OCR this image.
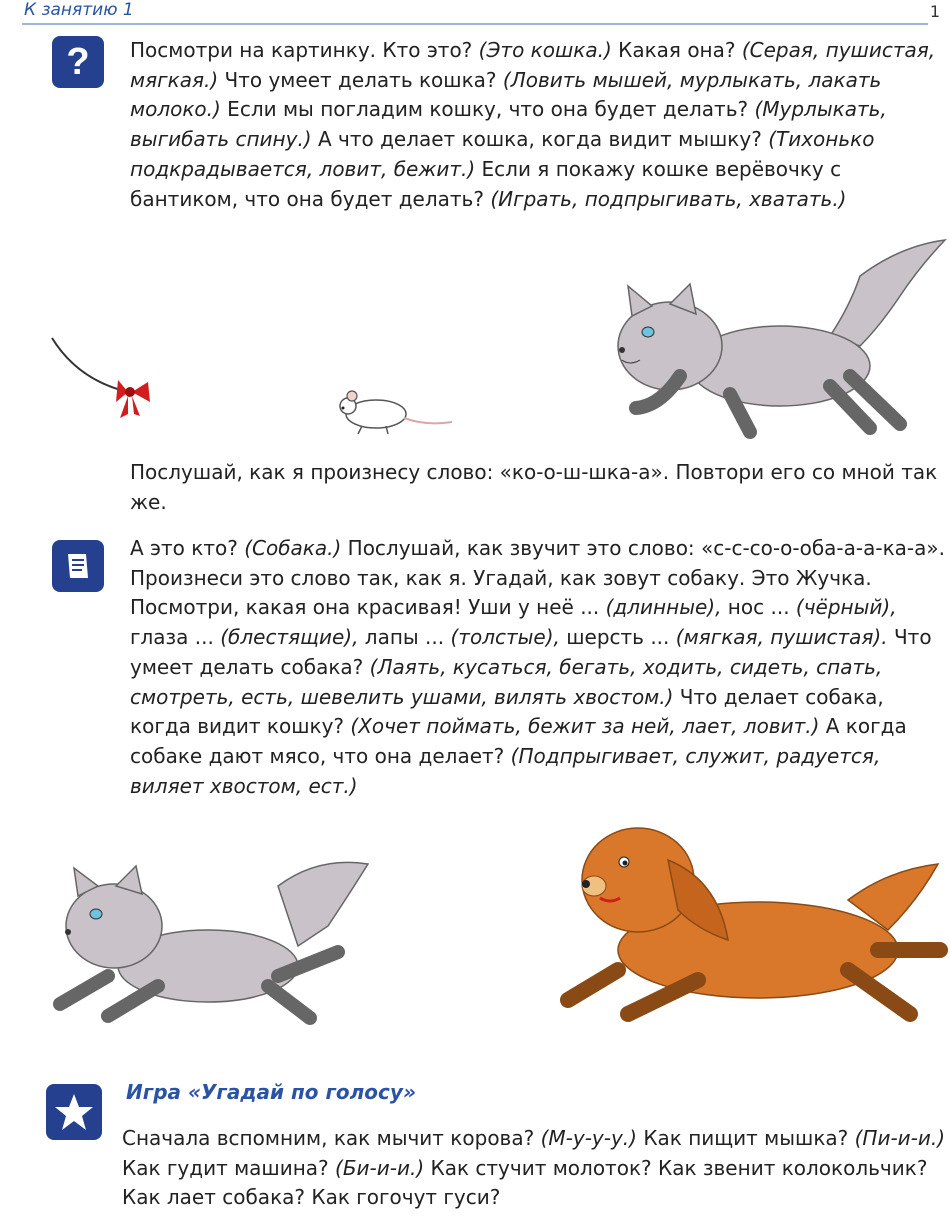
К занятию 1	1
? Посмотри на картинку. Кто это? (Это кошка.) Какая она? (Серая, пушистая, мягкая.) Что умеет делать кошка? (Ловить мышей, мурлыкать, лакать молоко.) Если мы погладим кошку, что она будет делать? (Мурлыкать, выгибать спину.) А что делает кошка, когда видит мышку? (Тихонько подкрадывается, ловит, бежит.) Если я покажу кошке верёвочку с бантиком, что она будет делать? (Играть, подпрыгивать, хватать.)
Послушай, как я произнесу слово: «ко-о-ш-шка-а». Повтори его со мной так же.
А это кто? (Собака.) Послушай, как звучит это слово: «с-с-со-о-оба-а-а-ка-а». Произнеси это слово так, как я. Угадай, как зовут собаку. Это Жучка. Посмотри, какая она красивая! Уши у неё ... (длинные), нос ... (чёрный), глаза ... (блестящие), лапы ... (толстые), шерсть ... (мягкая, пушистая). Что умеет делать собака? (Лаять, кусаться, бегать, ходить, сидеть, спать, смотреть, есть, шевелить ушами, вилять хвостом.) Что делает собака, когда видит кошку? (Хочет поймать, бежит за ней, лает, ловит.) А когда собаке дают мясо, что она делает? (Подпрыгивает, служит, радуется, виляет хвостом, ест.)
Игра «Угадай по голосу»
Сначала вспомним, как мычит корова? (М-у-у-у.) Как пищит мышка? (Пи-и-и.) Как гудит машина? (Би-и-и.) Как стучит молоток? Как звенит колокольчик? Как лает собака? Как гогочут гуси?
